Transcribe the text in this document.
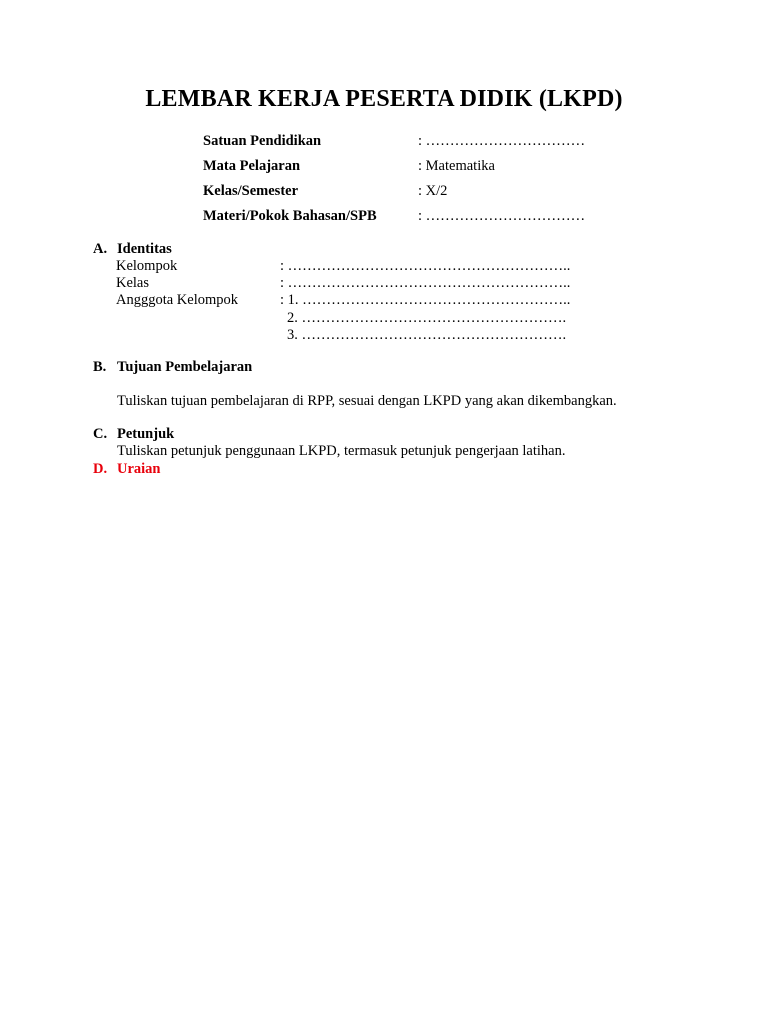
LEMBAR KERJA PESERTA DIDIK (LKPD)
Satuan Pendidikan	: ……………………………
Mata Pelajaran	: Matematika
Kelas/Semester	: X/2
Materi/Pokok Bahasan/SPB	: ……………………………
A. Identitas
Kelompok	: …………………………………………………..
Kelas	: …………………………………………………..
Angggota Kelompok	: 1. ………………………………………………..
2. ……………………………………………….
3. ……………………………………………….
B. Tujuan Pembelajaran
Tuliskan tujuan pembelajaran di RPP, sesuai dengan LKPD yang akan dikembangkan.
C. Petunjuk
Tuliskan petunjuk penggunaan LKPD, termasuk petunjuk pengerjaan latihan.
D. Uraian
